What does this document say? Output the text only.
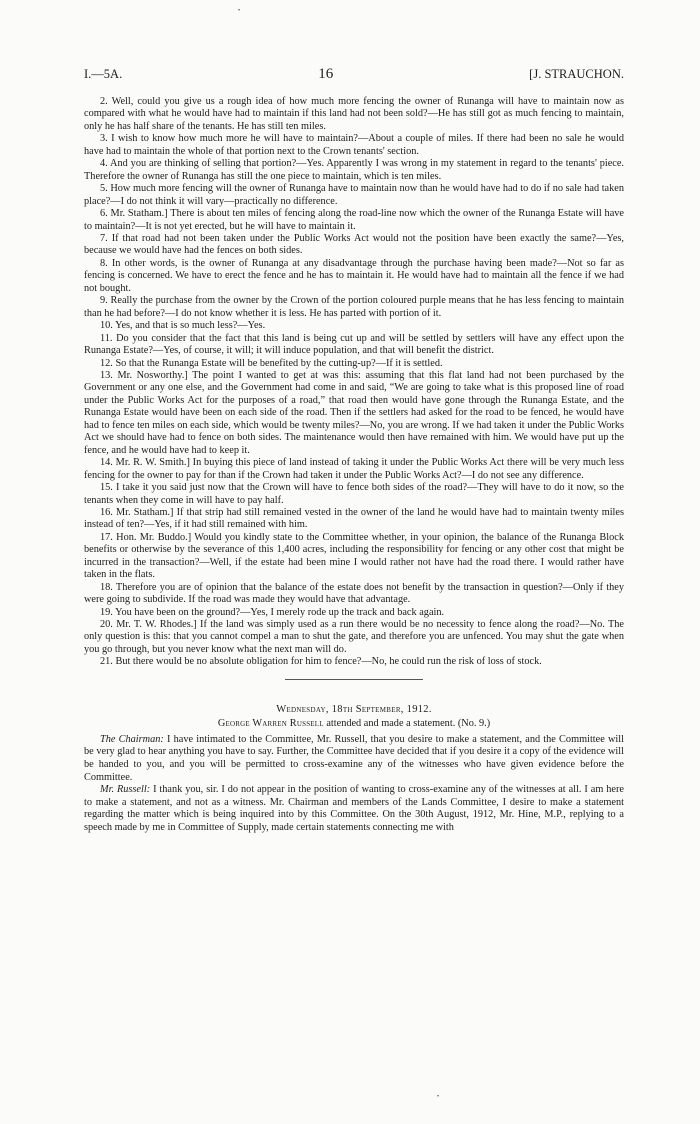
•
I.—5A.	16	[J. STRAUCHON.

2. Well, could you give us a rough idea of how much more fencing the owner of Runanga will have to maintain now as compared with what he would have had to maintain if this land had not been sold?—He has still got as much fencing to maintain, only he has half share of the tenants. He has still ten miles.

3. I wish to know how much more he will have to maintain?—About a couple of miles. If there had been no sale he would have had to maintain the whole of that portion next to the Crown tenants' section.

4. And you are thinking of selling that portion?—Yes. Apparently I was wrong in my statement in regard to the tenants' piece. Therefore the owner of Runanga has still the one piece to maintain, which is ten miles.

5. How much more fencing will the owner of Runanga have to maintain now than he would have had to do if no sale had taken place?—I do not think it will vary—practically no difference.

6. Mr. Statham.] There is about ten miles of fencing along the road-line now which the owner of the Runanga Estate will have to maintain?—It is not yet erected, but he will have to maintain it.

7. If that road had not been taken under the Public Works Act would not the position have been exactly the same?—Yes, because we would have had the fences on both sides.

8. In other words, is the owner of Runanga at any disadvantage through the purchase having been made?—Not so far as fencing is concerned. We have to erect the fence and he has to maintain it. He would have had to maintain all the fence if we had not bought.

9. Really the purchase from the owner by the Crown of the portion coloured purple means that he has less fencing to maintain than he had before?—I do not know whether it is less. He has parted with portion of it.

10. Yes, and that is so much less?—Yes.

11. Do you consider that the fact that this land is being cut up and will be settled by settlers will have any effect upon the Runanga Estate?—Yes, of course, it will; it will induce population, and that will benefit the district.

12. So that the Runanga Estate will be benefited by the cutting-up?—If it is settled.

13. Mr. Nosworthy.] The point I wanted to get at was this: assuming that this flat land had not been purchased by the Government or any one else, and the Government had come in and said, “We are going to take what is this proposed line of road under the Public Works Act for the purposes of a road,” that road then would have gone through the Runanga Estate, and the Runanga Estate would have been on each side of the road. Then if the settlers had asked for the road to be fenced, he would have had to fence ten miles on each side, which would be twenty miles?—No, you are wrong. If we had taken it under the Public Works Act we should have had to fence on both sides. The maintenance would then have remained with him. We would have put up the fence, and he would have had to keep it.

14. Mr. R. W. Smith.] In buying this piece of land instead of taking it under the Public Works Act there will be very much less fencing for the owner to pay for than if the Crown had taken it under the Public Works Act?—I do not see any difference.

15. I take it you said just now that the Crown will have to fence both sides of the road?—They will have to do it now, so the tenants when they come in will have to pay half.

16. Mr. Statham.] If that strip had still remained vested in the owner of the land he would have had to maintain twenty miles instead of ten?—Yes, if it had still remained with him.

17. Hon. Mr. Buddo.] Would you kindly state to the Committee whether, in your opinion, the balance of the Runanga Block benefits or otherwise by the severance of this 1,400 acres, including the responsibility for fencing or any other cost that might be incurred in the transaction?—Well, if the estate had been mine I would rather not have had the road there. I would rather have taken in the flats.

18. Therefore you are of opinion that the balance of the estate does not benefit by the transaction in question?—Only if they were going to subdivide. If the road was made they would have that advantage.

19. You have been on the ground?—Yes, I merely rode up the track and back again.

20. Mr. T. W. Rhodes.] If the land was simply used as a run there would be no necessity to fence along the road?—No. The only question is this: that you cannot compel a man to shut the gate, and therefore you are unfenced. You may shut the gate when you go through, but you never know what the next man will do.

21. But there would be no absolute obligation for him to fence?—No, he could run the risk of loss of stock.

Wednesday, 18th September, 1912.
George Warren Russell attended and made a statement. (No. 9.)

The Chairman: I have intimated to the Committee, Mr. Russell, that you desire to make a statement, and the Committee will be very glad to hear anything you have to say. Further, the Committee have decided that if you desire it a copy of the evidence will be handed to you, and you will be permitted to cross-examine any of the witnesses who have given evidence before the Committee.

Mr. Russell: I thank you, sir. I do not appear in the position of wanting to cross-examine any of the witnesses at all. I am here to make a statement, and not as a witness. Mr. Chairman and members of the Lands Committee, I desire to make a statement regarding the matter which is being inquired into by this Committee. On the 30th August, 1912, Mr. Hine, M.P., replying to a speech made by me in Committee of Supply, made certain statements connecting me with

•
